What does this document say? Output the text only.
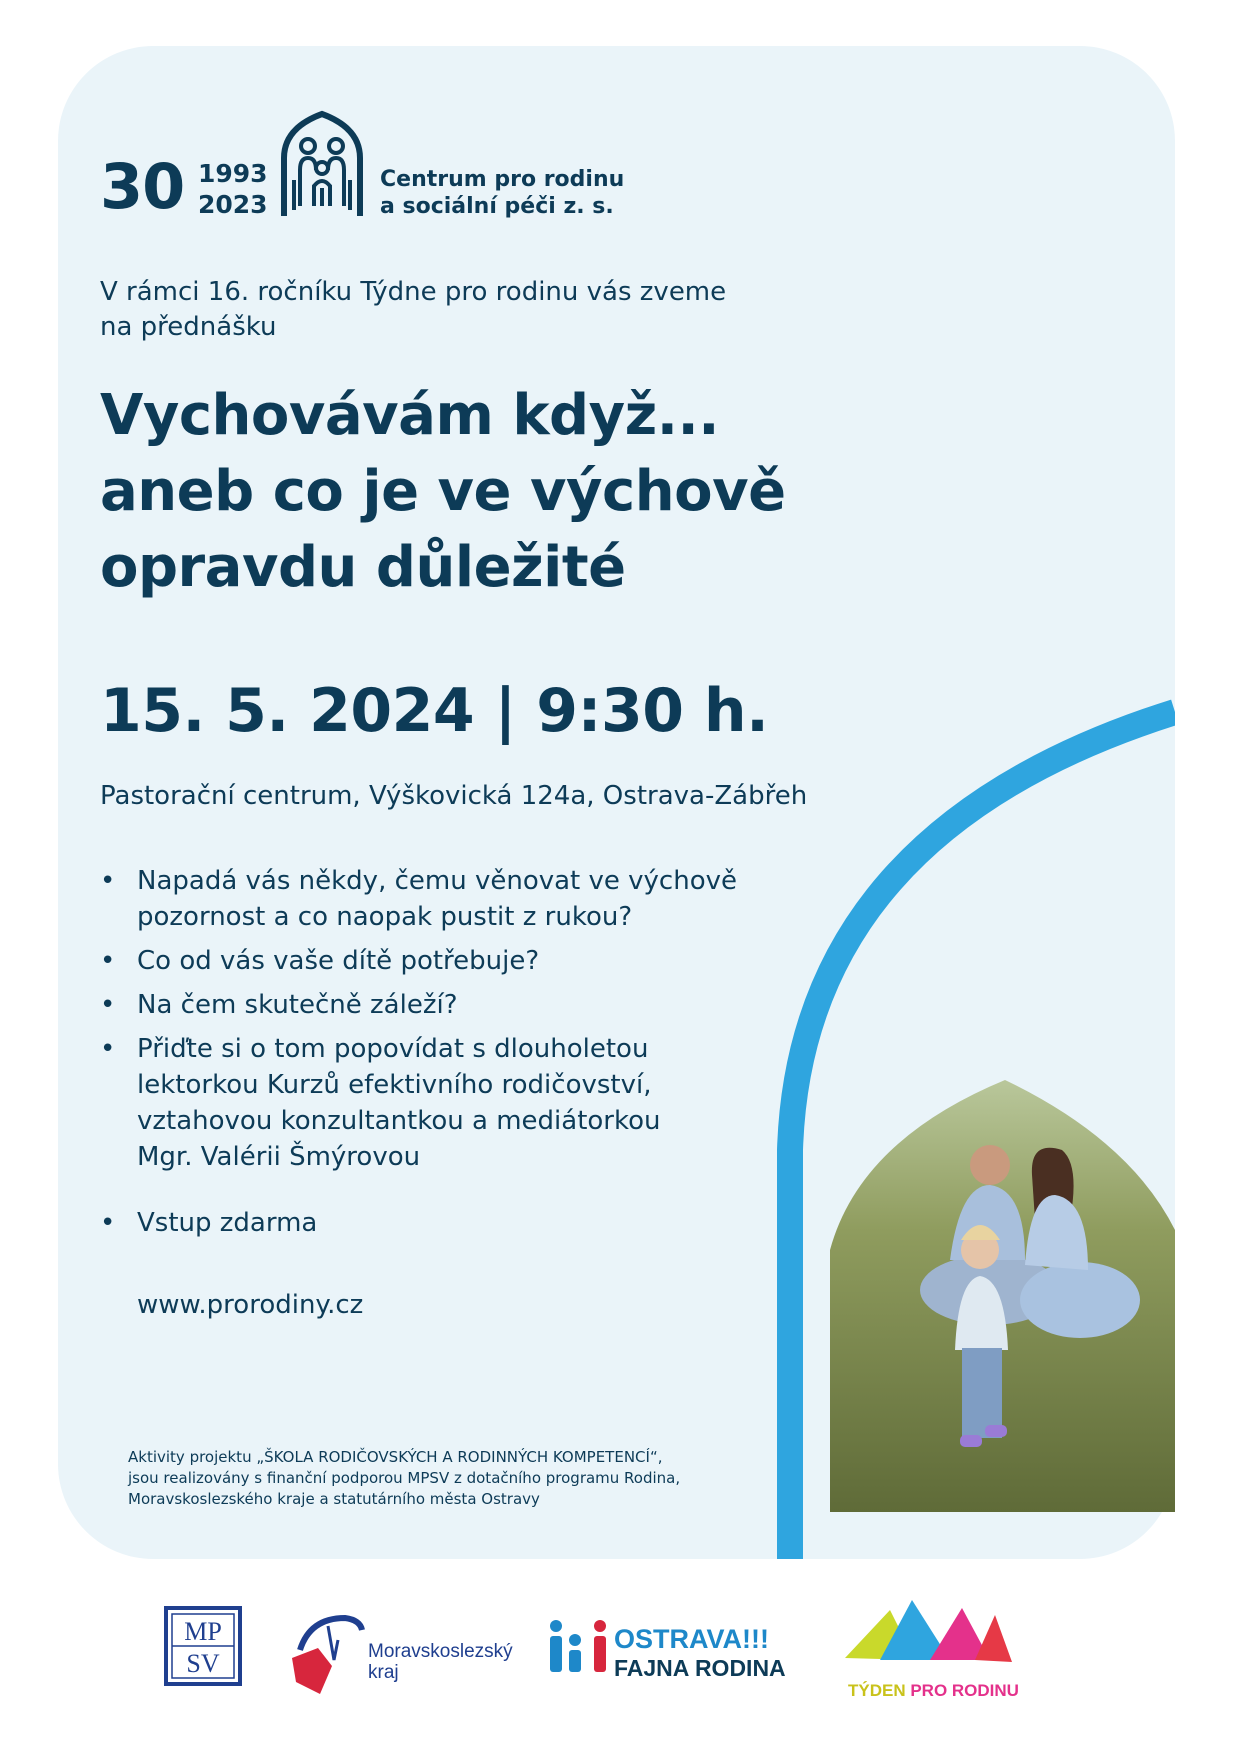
30 1993
2023
Centrum pro rodinu
a sociální péči z. s.
V rámci 16. ročníku Týdne pro rodinu vás zveme
na přednášku
Vychovávám když...
aneb co je ve výchově
opravdu důležité
15. 5. 2024 | 9:30 h.
Pastorační centrum, Výškovická 124a, Ostrava-Zábřeh
• Napadá vás někdy, čemu věnovat ve výchově
pozornost a co naopak pustit z rukou?
• Co od vás vaše dítě potřebuje?
• Na čem skutečně záleží?
• Přiďte si o tom popovídat s dlouholetou
lektorkou Kurzů efektivního rodičovství,
vztahovou konzultantkou a mediátorkou
Mgr. Valérii Šmýrovou
• Vstup zdarma
www.prorodiny.cz
Aktivity projektu „ŠKOLA RODIČOVSKÝCH A RODINNÝCH KOMPETENCÍ“,
jsou realizovány s finanční podporou MPSV z dotačního programu Rodina,
Moravskoslezského kraje a statutárního města Ostravy
MP
SV	Moravskoslezský
kraj
OSTRAVA!!!
FAJNA RODINA
TÝDEN PRO RODINU
